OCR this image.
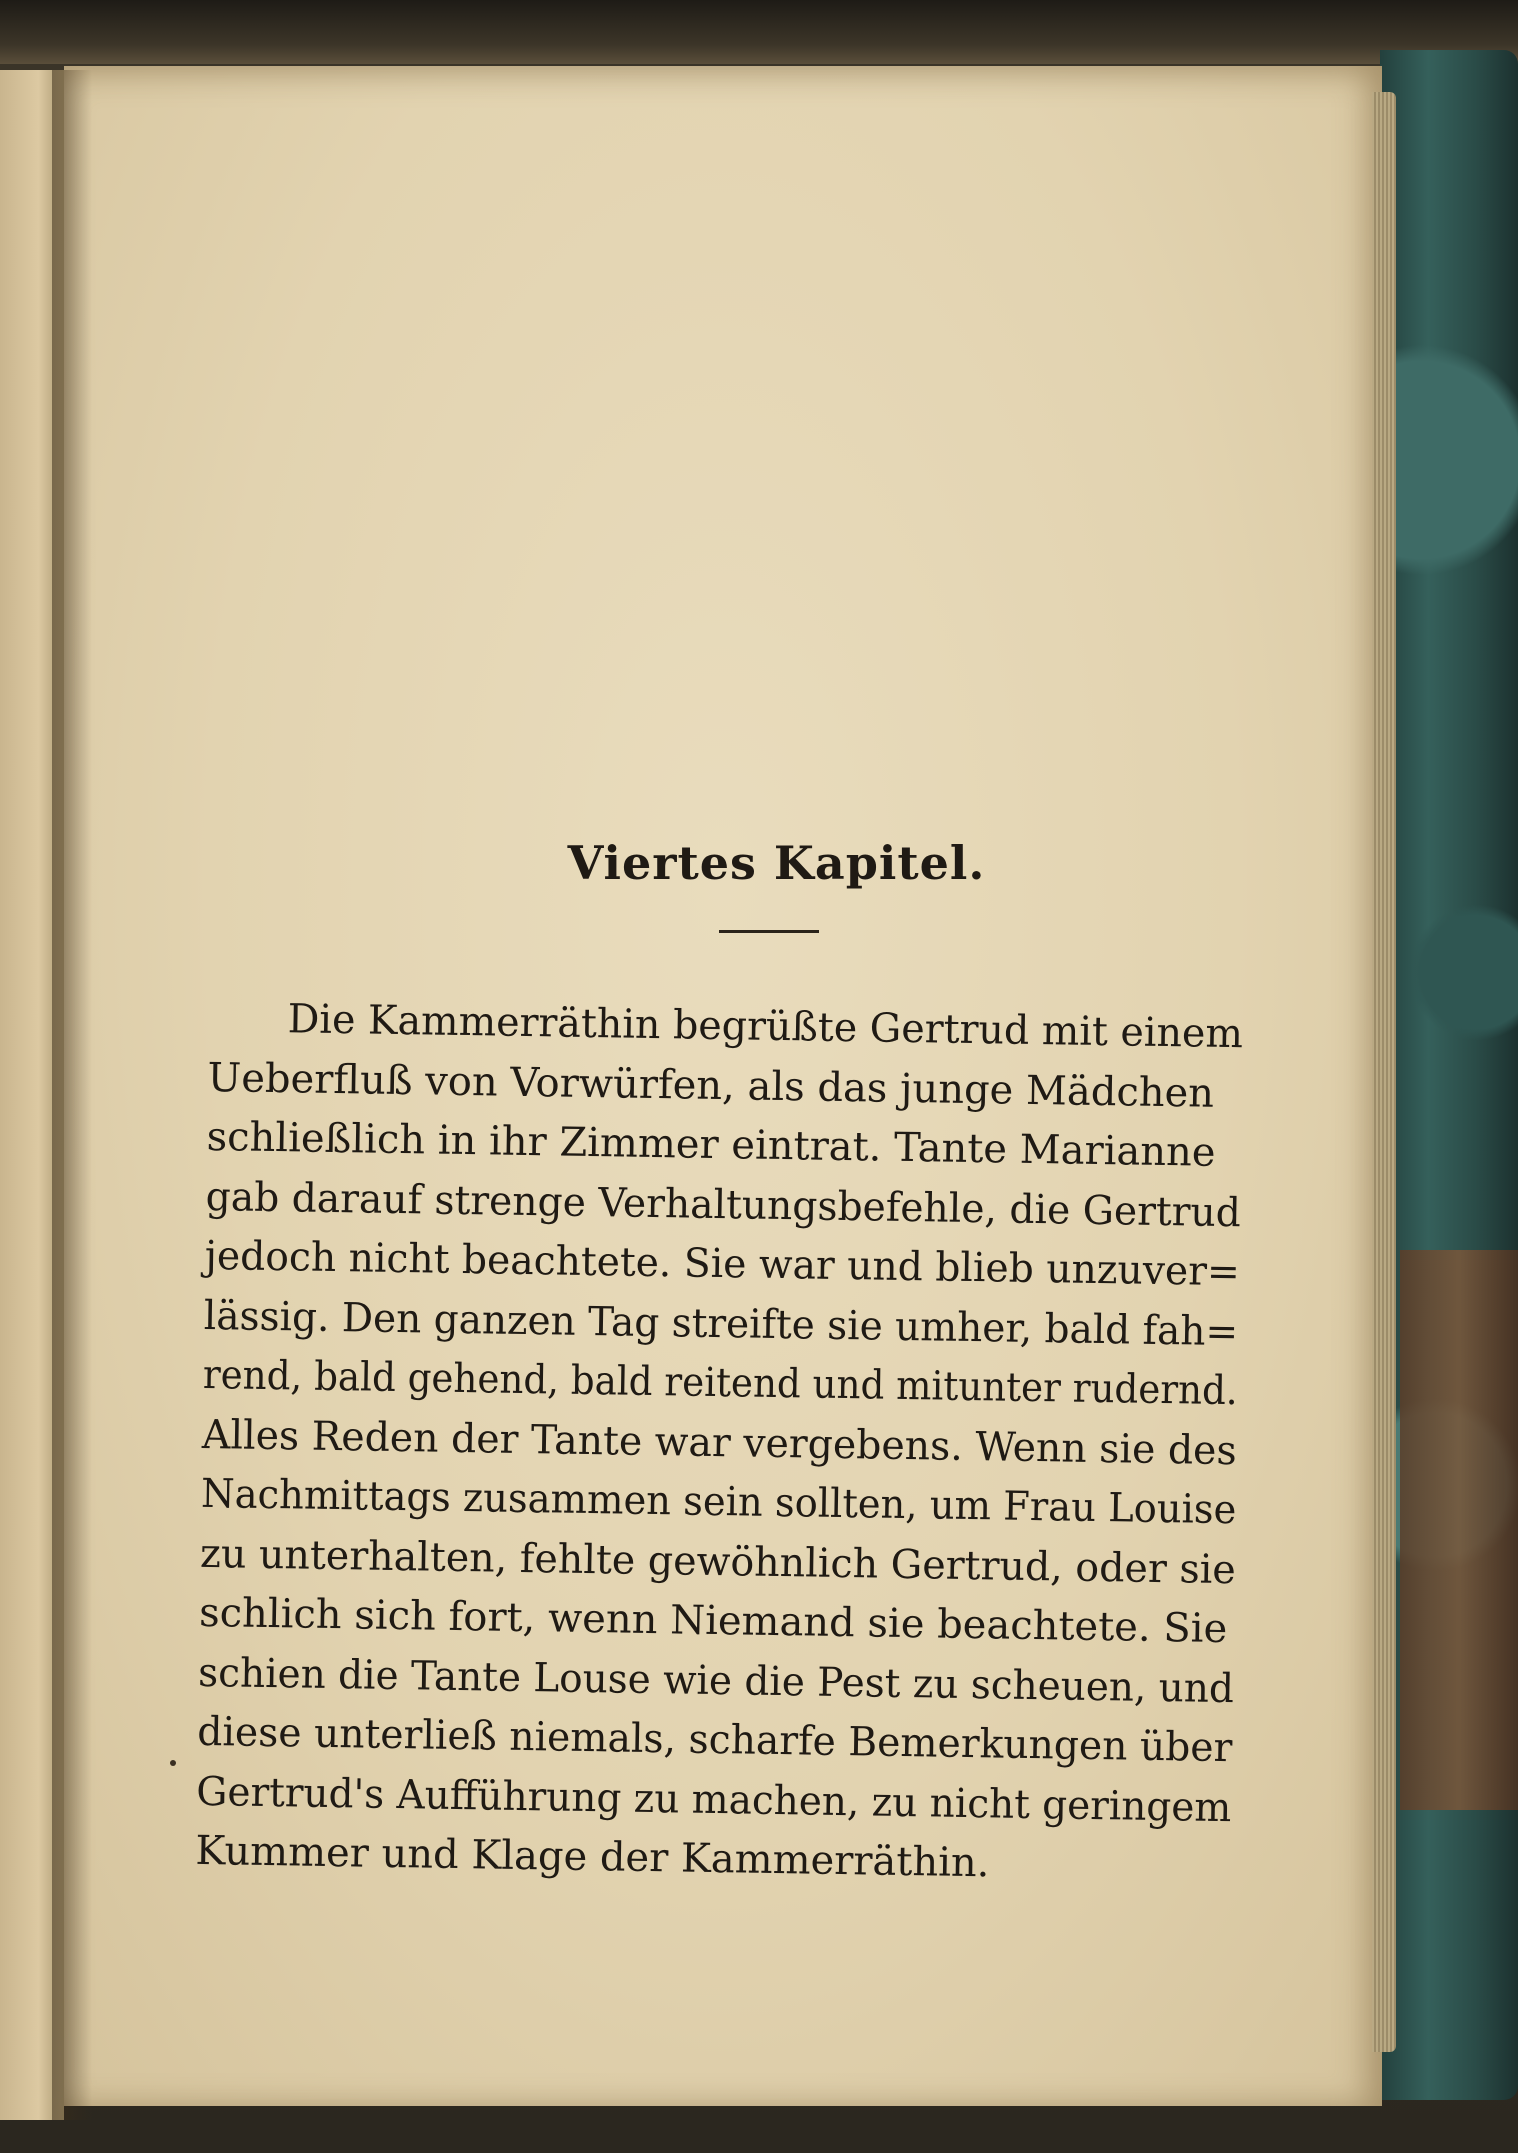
Viertes Kapitel.
Die Kammerräthin begrüßte Gertrud mit einem
Ueberfluß von Vorwürfen, als das junge Mädchen
schließlich in ihr Zimmer eintrat. Tante Marianne
gab darauf strenge Verhaltungsbefehle, die Gertrud
jedoch nicht beachtete. Sie war und blieb unzuver=
lässig. Den ganzen Tag streifte sie umher, bald fah=
rend, bald gehend, bald reitend und mitunter rudernd.
Alles Reden der Tante war vergebens. Wenn sie des
Nachmittags zusammen sein sollten, um Frau Louise
zu unterhalten, fehlte gewöhnlich Gertrud, oder sie
schlich sich fort, wenn Niemand sie beachtete. Sie
schien die Tante Louse wie die Pest zu scheuen, und
diese unterließ niemals, scharfe Bemerkungen über
Gertrud's Aufführung zu machen, zu nicht geringem
Kummer und Klage der Kammerräthin.
